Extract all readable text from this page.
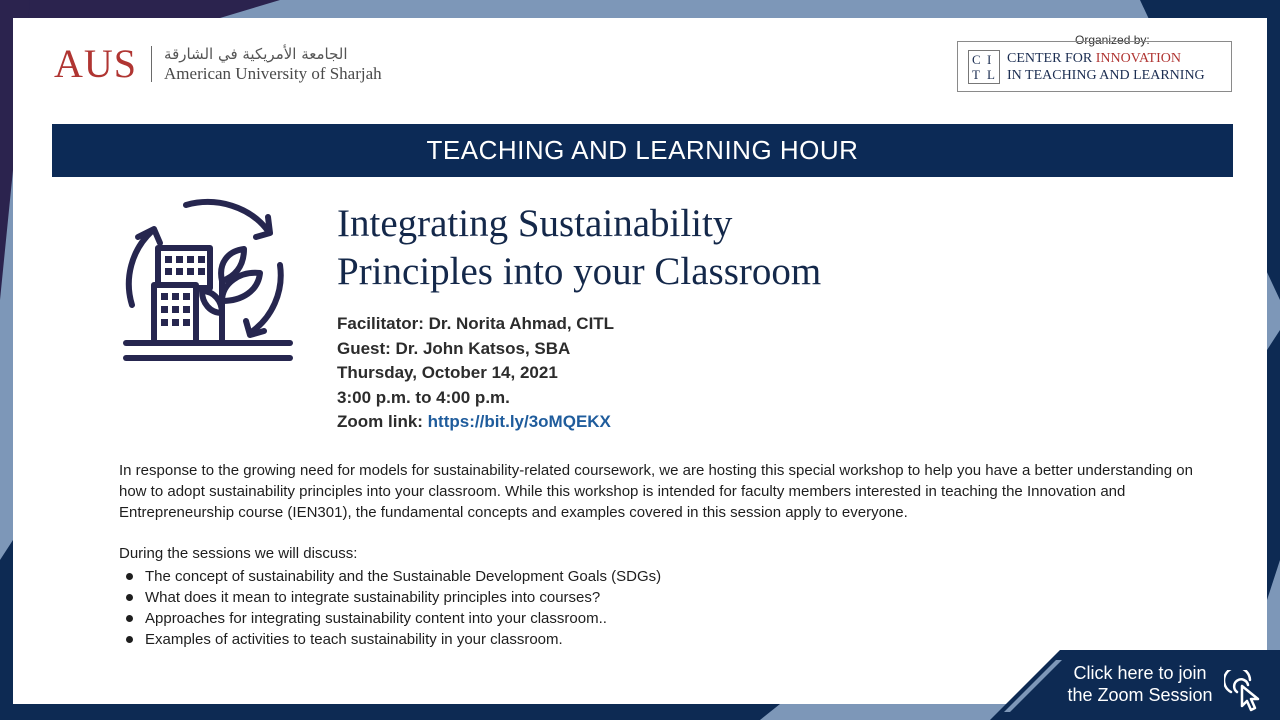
AUS الجامعة الأمريكية في الشارقة
American University of Sharjah
Organized by:
C I
T L
CENTER FOR INNOVATION
IN TEACHING AND LEARNING
TEACHING AND LEARNING HOUR
Integrating Sustainability
Principles into your Classroom
Facilitator: Dr. Norita Ahmad, CITL
Guest: Dr. John Katsos, SBA
Thursday, October 14, 2021
3:00 p.m. to 4:00 p.m.
Zoom link: https://bit.ly/3oMQEKX

In response to the growing need for models for sustainability-related coursework, we are hosting this special workshop to help you have a better understanding on how to adopt sustainability principles into your classroom. While this workshop is intended for faculty members interested in teaching the Innovation and Entrepreneurship course (IEN301), the fundamental concepts and examples covered in this session apply to everyone.

During the sessions we will discuss:
The concept of sustainability and the Sustainable Development Goals (SDGs)
What does it mean to integrate sustainability principles into courses?
Approaches for integrating sustainability content into your classroom..
Examples of activities to teach sustainability in your classroom.
Click here to join
the Zoom Session
